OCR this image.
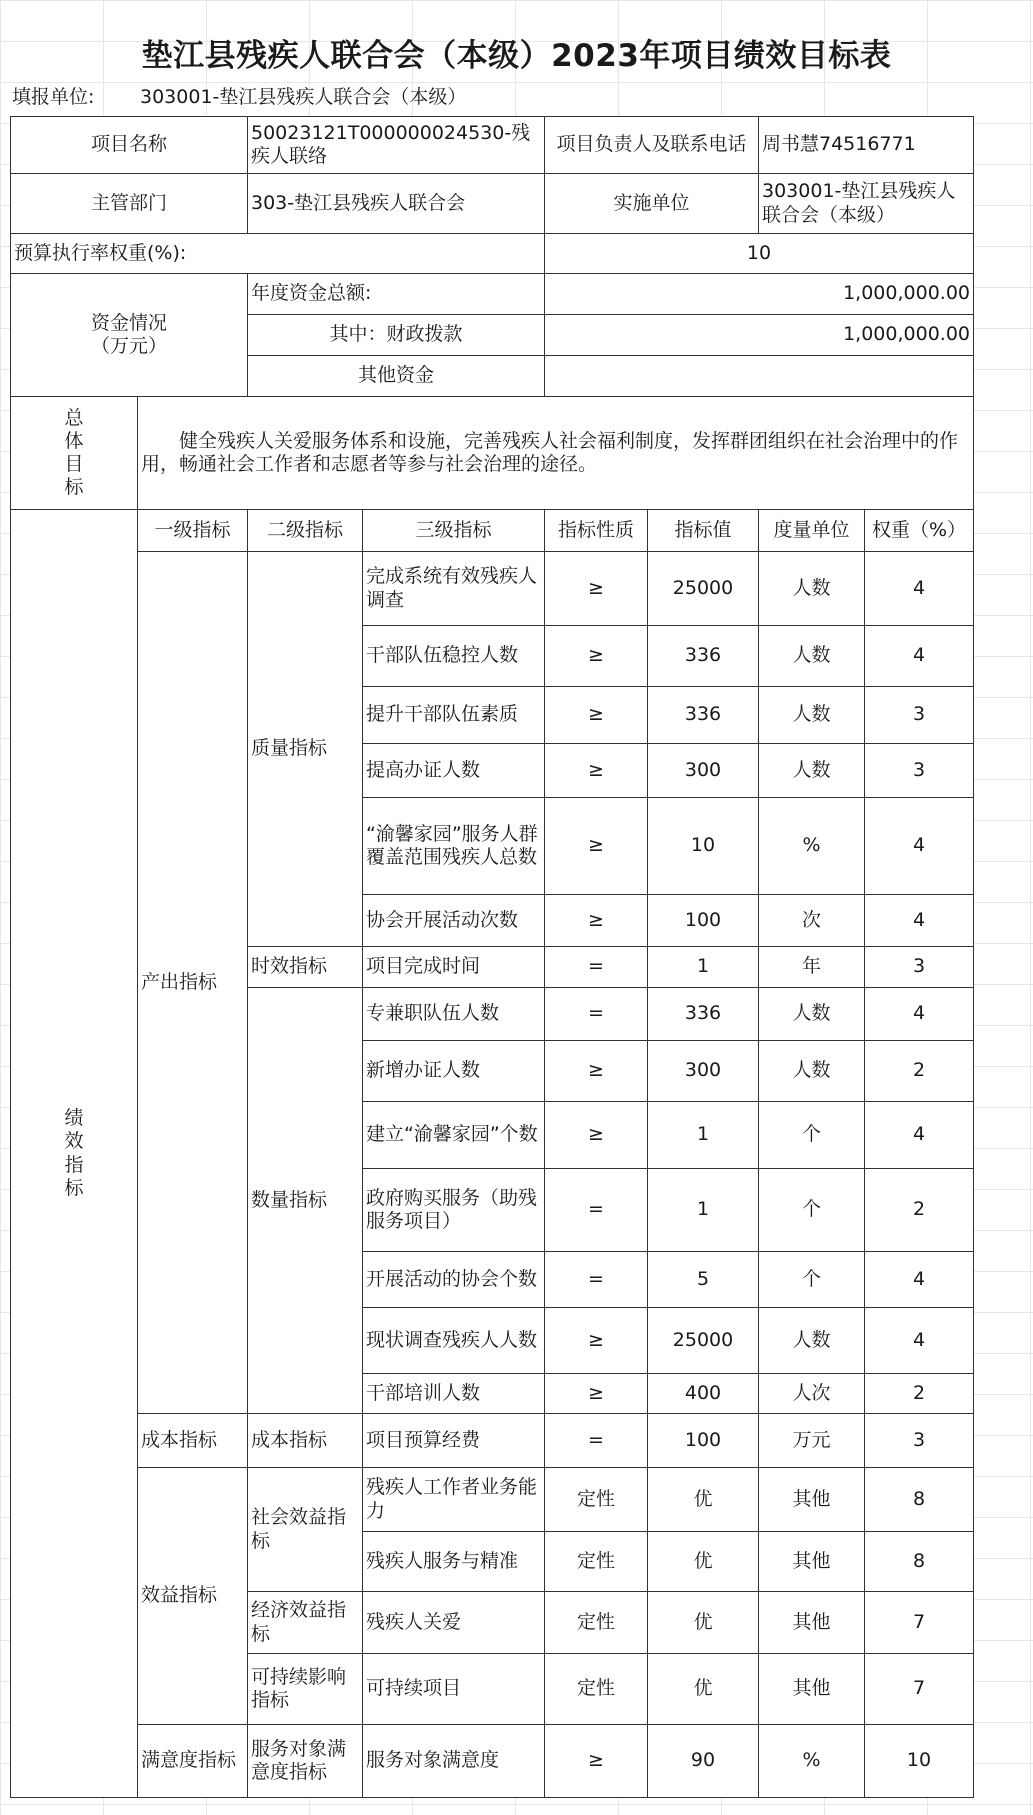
垫江县残疾人联合会（本级）2023年项目绩效目标表
填报单位: 303001-垫江县残疾人联合会（本级）
项目名称		50023121T000000024530-残疾人联络		项目负责人及联系电话		周书慧74516771	
主管部门		303-垫江县残疾人联合会		实施单位		303001-垫江县残疾人联合会（本级）	
预算执行率权重(%):				10			
资金情况（万元）		年度资金总额:		1,000,000.00			
		其中：财政拨款		1,000,000.00			
		其他资金					
总体目标	健全残疾人关爱服务体系和设施，完善残疾人社会福利制度，发挥群团组织在社会治理中的作用，畅通社会工作者和志愿者等参与社会治理的途径。						
绩效指标	一级指标	二级指标	三级指标	指标性质	指标值	度量单位	权重（%）
	产出指标	质量指标	完成系统有效残疾人调查	≥	25000	人数	4
			干部队伍稳控人数	≥	336	人数	4
			提升干部队伍素质	≥	336	人数	3
			提高办证人数	≥	300	人数	3
			“渝馨家园”服务人群覆盖范围残疾人总数	≥	10	%	4
			协会开展活动次数	≥	100	次	4
		时效指标	项目完成时间	=	1	年	3
		数量指标	专兼职队伍人数	=	336	人数	4
			新增办证人数	≥	300	人数	2
			建立“渝馨家园”个数	≥	1	个	4
			政府购买服务（助残服务项目）	=	1	个	2
			开展活动的协会个数	=	5	个	4
			现状调查残疾人人数	≥	25000	人数	4
			干部培训人数	≥	400	人次	2
	成本指标	成本指标	项目预算经费	=	100	万元	3
	效益指标	社会效益指标	残疾人工作者业务能力	定性	优	其他	8
			残疾人服务与精准	定性	优	其他	8
		经济效益指标	残疾人关爱	定性	优	其他	7
		可持续影响指标	可持续项目	定性	优	其他	7
	满意度指标	服务对象满意度指标	服务对象满意度	≥	90	%	10
